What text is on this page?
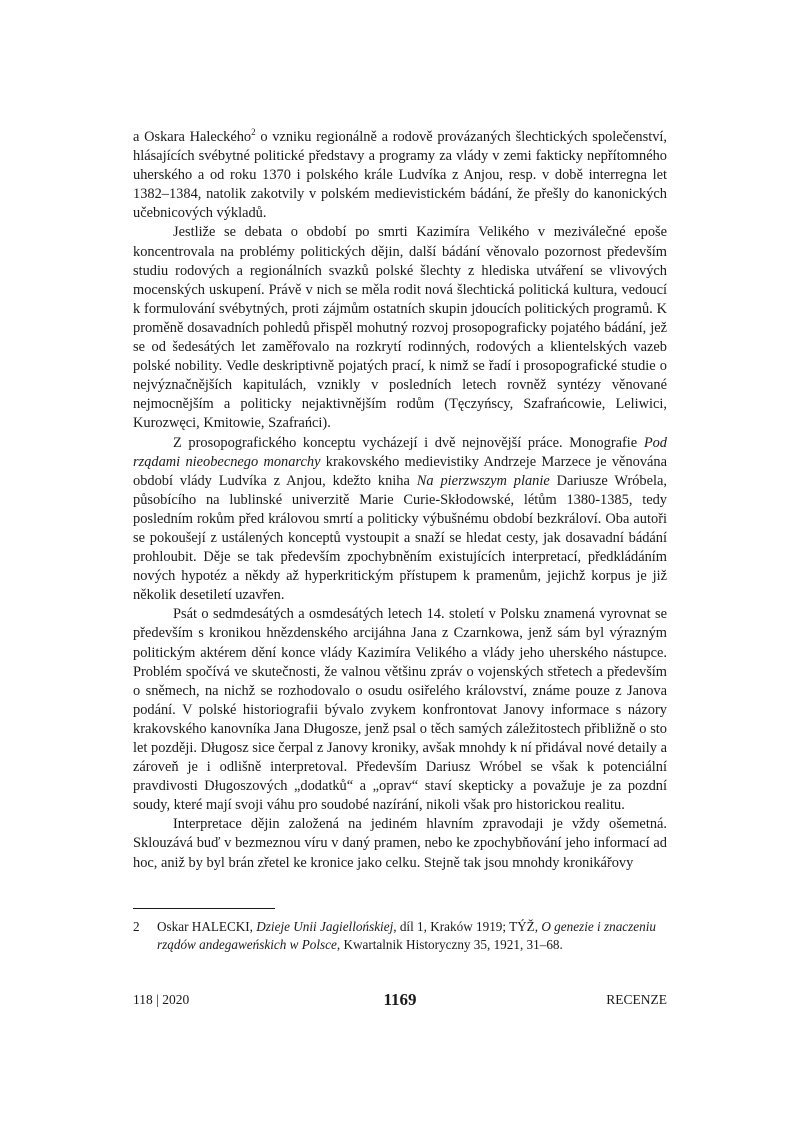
a Oskara Haleckého$^2$ o vzniku regionálně a rodově provázaných šlechtických společenství, hlásajících svébytné politické představy a programy za vlády v zemi fakticky nepřítomného uherského a od roku 1370 i polského krále Ludvíka z Anjou, resp. v době interregna let 1382–1384, natolik zakotvily v polském medievistickém bádání, že přešly do kanonických učebnicových výkladů.

Jestliže se debata o období po smrti Kazimíra Velikého v meziválečné epoše koncentrovala na problémy politických dějin, další bádání věnovalo pozornost především studiu rodových a regionálních svazků polské šlechty z hlediska utváření se vlivových mocenských uskupení. Právě v nich se měla rodit nová šlechtická politická kultura, vedoucí k formulování svébytných, proti zájmům ostatních skupin jdoucích politických programů. K proměně dosavadních pohledů přispěl mohutný rozvoj prosopograficky pojatého bádání, jež se od šedesátých let zaměřovalo na rozkrytí rodinných, rodových a klientelských vazeb polské nobility. Vedle deskriptivně pojatých prací, k nimž se řadí i prosopografické studie o nejvýznačnějších kapitulách, vznikly v posledních letech rovněž syntézy věnované nejmocnějším a politicky nejaktivnějším rodům (Tęczyńscy, Szafrańcowie, Leliwici, Kurozwęci, Kmitowie, Szafrańci).

Z prosopografického konceptu vycházejí i dvě nejnovější práce. Monografie Pod rządami nieobecnego monarchy krakovského medievistiky Andrzeje Marzece je věnována období vlády Ludvíka z Anjou, kdežto kniha Na pierzwszym planie Dariusze Wróbela, působícího na lublinské univerzitě Marie Curie-Skłodowské, létům 1380-1385, tedy posledním rokům před královou smrtí a politicky výbušnému období bezkráloví. Oba autoři se pokoušejí z ustálených konceptů vystoupit a snaží se hledat cesty, jak dosavadní bádání prohloubit. Děje se tak především zpochybněním existujících interpretací, předkládáním nových hypotéz a někdy až hyperkritickým přístupem k pramenům, jejichž korpus je již několik desetiletí uzavřen.

Psát o sedmdesátých a osmdesátých letech 14. století v Polsku znamená vyrovnat se především s kronikou hnězdenského arcijáhna Jana z Czarnkowa, jenž sám byl výrazným politickým aktérem dění konce vlády Kazimíra Velikého a vlády jeho uherského nástupce. Problém spočívá ve skutečnosti, že valnou většinu zpráv o vojenských střetech a především o sněmech, na nichž se rozhodovalo o osudu osiřelého království, známe pouze z Janova podání. V polské historiografii bývalo zvykem konfrontovat Janovy informace s názory krakovského kanovníka Jana Długosze, jenž psal o těch samých záležitostech přibližně o sto let později. Długosz sice čerpal z Janovy kroniky, avšak mnohdy k ní přidával nové detaily a zároveň je i odlišně interpretoval. Především Dariusz Wróbel se však k potenciální pravdivosti Długoszových „dodatků“ a „oprav“ staví skepticky a považuje je za pozdní soudy, které mají svoji váhu pro soudobé nazírání, nikoli však pro historickou realitu.

Interpretace dějin založená na jediném hlavním zpravodaji je vždy ošemetná. Sklouzává buď v bezmeznou víru v daný pramen, nebo ke zpochybňování jeho informací ad hoc, aniž by byl brán zřetel ke kronice jako celku. Stejně tak jsou mnohdy kronikářovy

2	Oskar HALECKI, Dzieje Unii Jagiellońskiej, díl 1, Kraków 1919; TÝŽ, O genezie i znaczeniu rządów andegaweńskich w Polsce, Kwartalnik Historyczny 35, 1921, 31–68.
118 | 2020	1169	RECENZE
